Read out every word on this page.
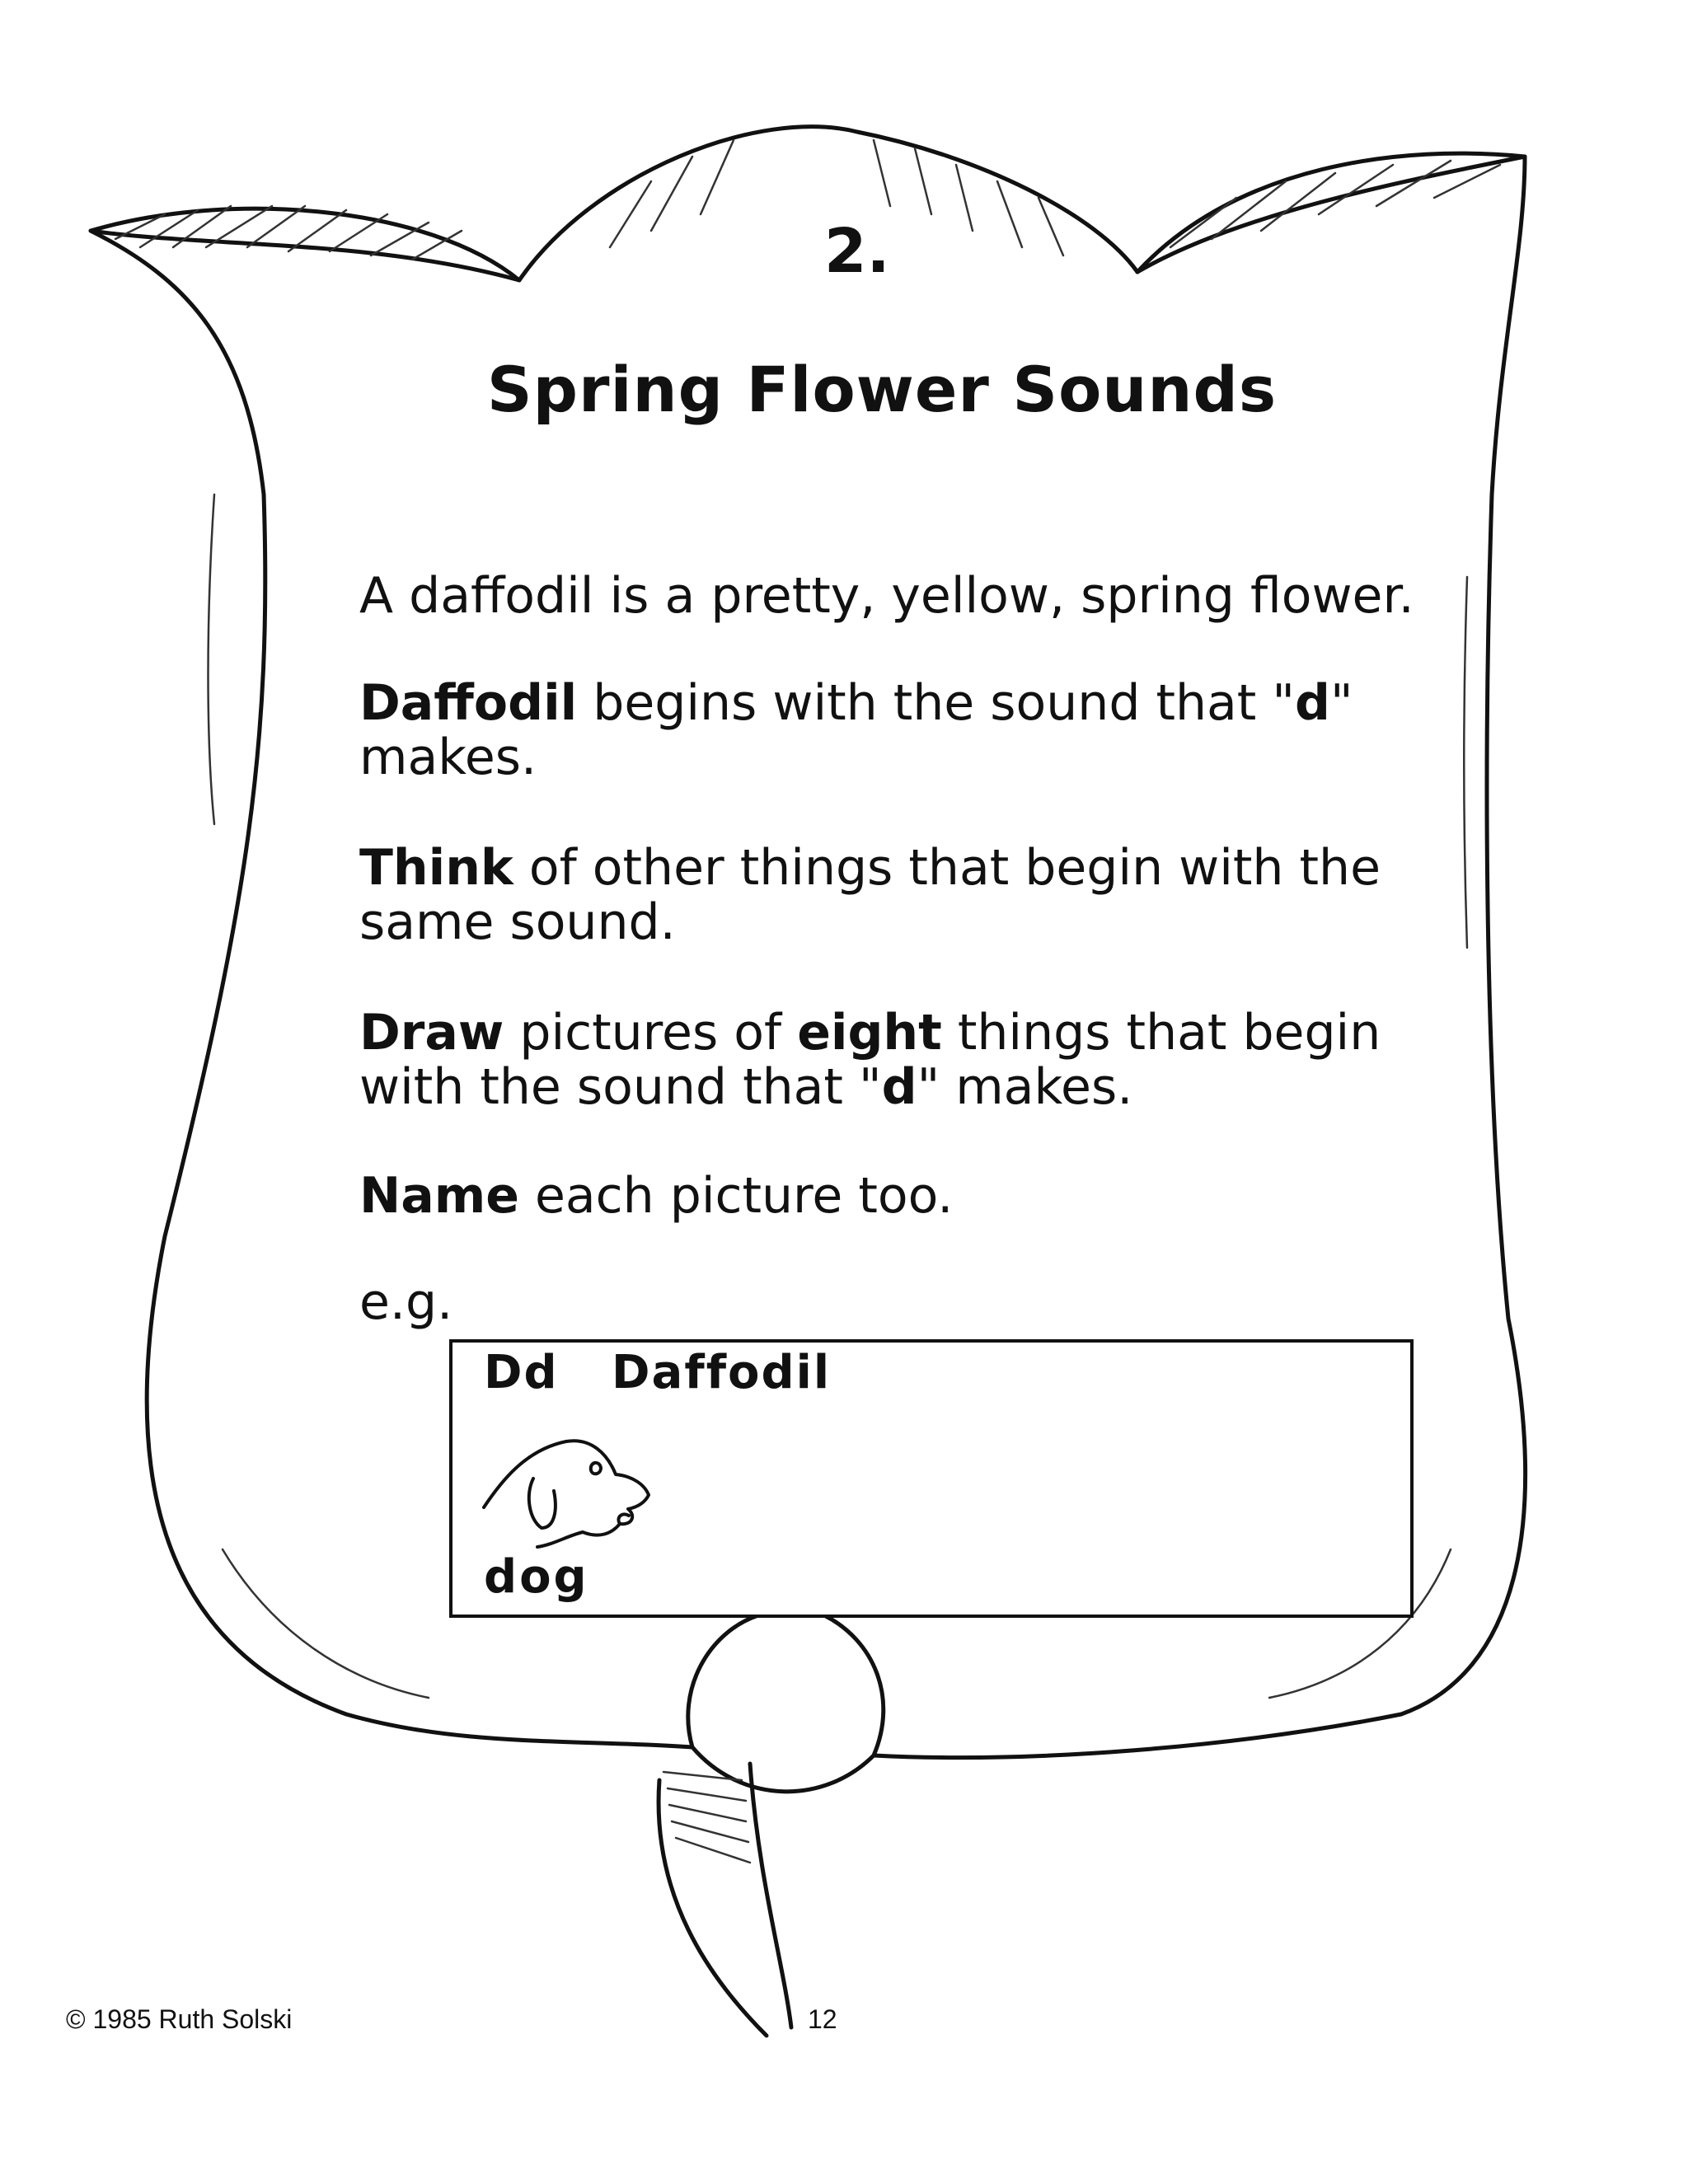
2.
Spring Flower Sounds

A daffodil is a pretty, yellow, spring flower.

Daffodil begins with the sound that "d" makes.

Think of other things that begin with the same sound.

Draw pictures of eight things that begin with the sound that "d" makes.

Name each picture too.

e.g.
Dd   Daffodil
dog
© 1985 Ruth Solski	12
